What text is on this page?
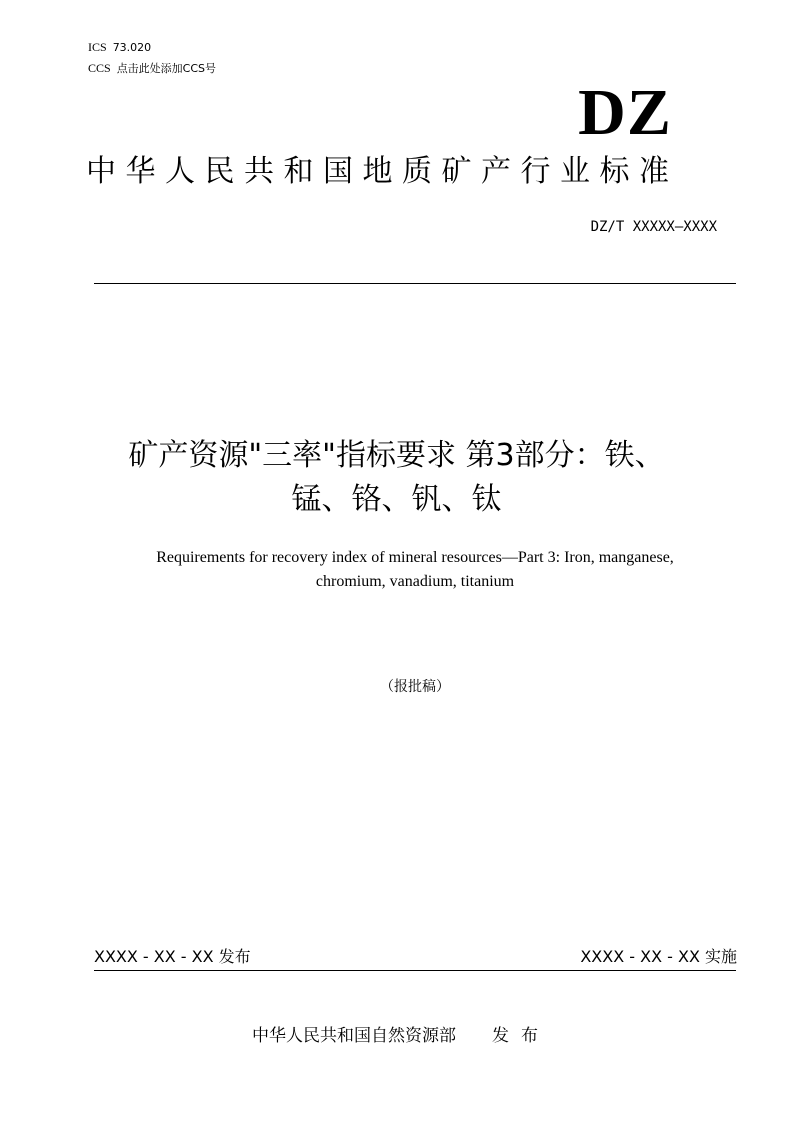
ICS 73.020
CCS 点击此处添加CCS号
DZ
中华人民共和国地质矿产行业标准
DZ/T XXXXX—XXXX
矿产资源"三率"指标要求 第3部分：铁、
锰、铬、钒、钛
Requirements for recovery index of mineral resources—Part 3: Iron, manganese,
chromium, vanadium, titanium
（报批稿）
XXXX - XX - XX 发布	XXXX - XX - XX 实施
中华人民共和国自然资源部 发布
